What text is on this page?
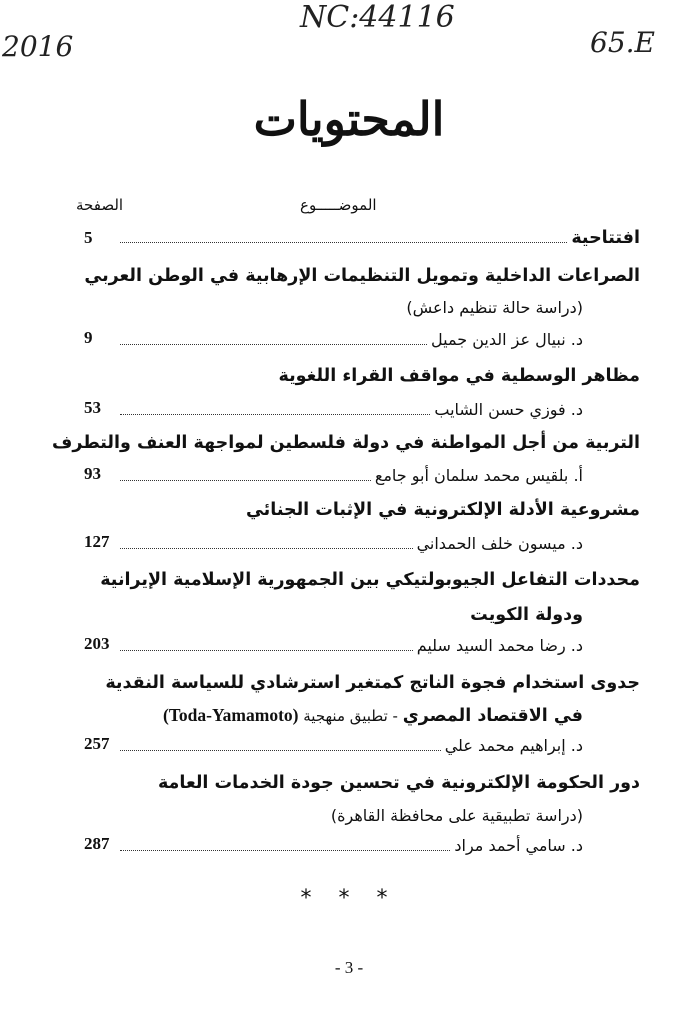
NC:44116
2016	65.E
المحتويات
الصفحة	الموضـــــوع
افتتاحية
5
الصراعات الداخلية وتمويل التنظيمات الإرهابية في الوطن العربي
(دراسة حالة تنظيم داعش)
د. نبيال عز الدين جميل
9
مظاهر الوسطية في مواقف القراء اللغوية
د. فوزي حسن الشايب
53
التربية من أجل المواطنة في دولة فلسطين لمواجهة العنف والتطرف
أ. بلقيس محمد سلمان أبو جامع
93
مشروعية الأدلة الإلكترونية في الإثبات الجنائي
د. ميسون خلف الحمداني
127
محددات التفاعل الجيوبولتيكي بين الجمهورية الإسلامية الإيرانية
ودولة الكويت
د. رضا محمد السيد سليم
203
جدوى استخدام فجوة الناتج كمتغير استرشادي للسياسة النقدية
في الاقتصاد المصري - تطبيق منهجية (Toda-Yamamoto)
د. إبراهيم محمد علي
257
دور الحكومة الإلكترونية في تحسين جودة الخدمات العامة
(دراسة تطبيقية على محافظة القاهرة)
د. سامي أحمد مراد
287
* * *
- 3 -
